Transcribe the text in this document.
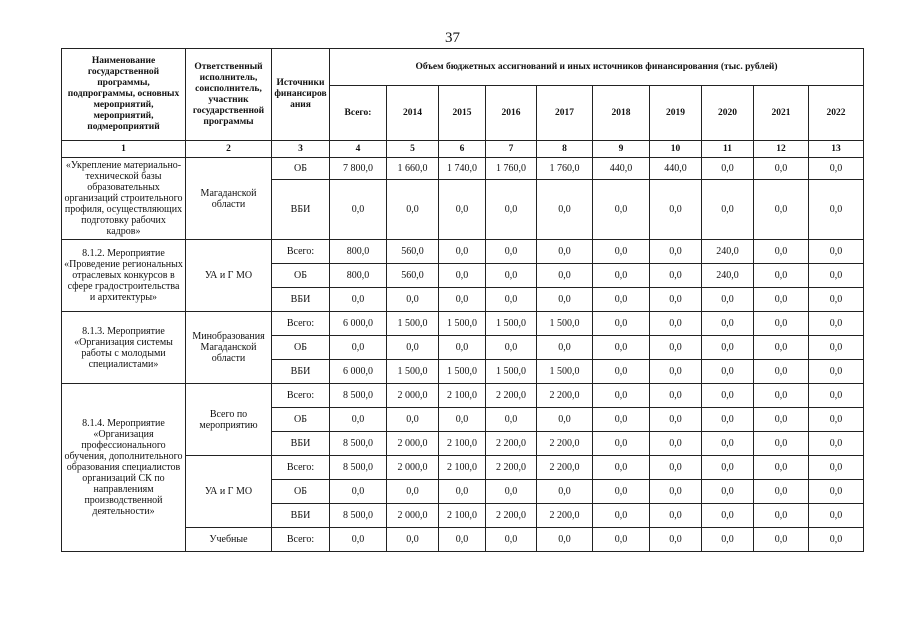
37
Наименование государственной программы, подпрограммы, основных мероприятий, мероприятий, подмероприятий	Ответственный исполнитель, соисполнитель, участник государственной программы	Источники финансиров ания	Объем бюджетных ассигнований и иных источников финансирования (тыс. рублей)									
			Всего:	2014	2015	2016	2017	2018	2019	2020	2021	2022
1	2	3	4	5	6	7	8	9	10	11	12	13
«Укрепление материально-технической базы образовательных организаций строительного профиля, осуществляющих подготовку рабочих кадров»	Магаданской области	ОБ	7 800,0	1 660,0	1 740,0	1 760,0	1 760,0	440,0	440,0	0,0	0,0	0,0
		ВБИ	0,0	0,0	0,0	0,0	0,0	0,0	0,0	0,0	0,0	0,0
8.1.2. Мероприятие «Проведение региональных отраслевых конкурсов в сфере градостроительства и архитектуры»	УА и Г МО	Всего:	800,0	560,0	0,0	0,0	0,0	0,0	0,0	240,0	0,0	0,0
		ОБ	800,0	560,0	0,0	0,0	0,0	0,0	0,0	240,0	0,0	0,0
		ВБИ	0,0	0,0	0,0	0,0	0,0	0,0	0,0	0,0	0,0	0,0
8.1.3. Мероприятие «Организация системы работы с молодыми специалистами»	Минобразования Магаданской области	Всего:	6 000,0	1 500,0	1 500,0	1 500,0	1 500,0	0,0	0,0	0,0	0,0	0,0
		ОБ	0,0	0,0	0,0	0,0	0,0	0,0	0,0	0,0	0,0	0,0
		ВБИ	6 000,0	1 500,0	1 500,0	1 500,0	1 500,0	0,0	0,0	0,0	0,0	0,0
8.1.4. Мероприятие «Организация профессионального обучения, дополнительного образования специалистов организаций СК по направлениям производственной деятельности»	Всего по мероприятию	Всего:	8 500,0	2 000,0	2 100,0	2 200,0	2 200,0	0,0	0,0	0,0	0,0	0,0
		ОБ	0,0	0,0	0,0	0,0	0,0	0,0	0,0	0,0	0,0	0,0
		ВБИ	8 500,0	2 000,0	2 100,0	2 200,0	2 200,0	0,0	0,0	0,0	0,0	0,0
	УА и Г МО	Всего:	8 500,0	2 000,0	2 100,0	2 200,0	2 200,0	0,0	0,0	0,0	0,0	0,0
		ОБ	0,0	0,0	0,0	0,0	0,0	0,0	0,0	0,0	0,0	0,0
		ВБИ	8 500,0	2 000,0	2 100,0	2 200,0	2 200,0	0,0	0,0	0,0	0,0	0,0
	Учебные	Всего:	0,0	0,0	0,0	0,0	0,0	0,0	0,0	0,0	0,0	0,0
